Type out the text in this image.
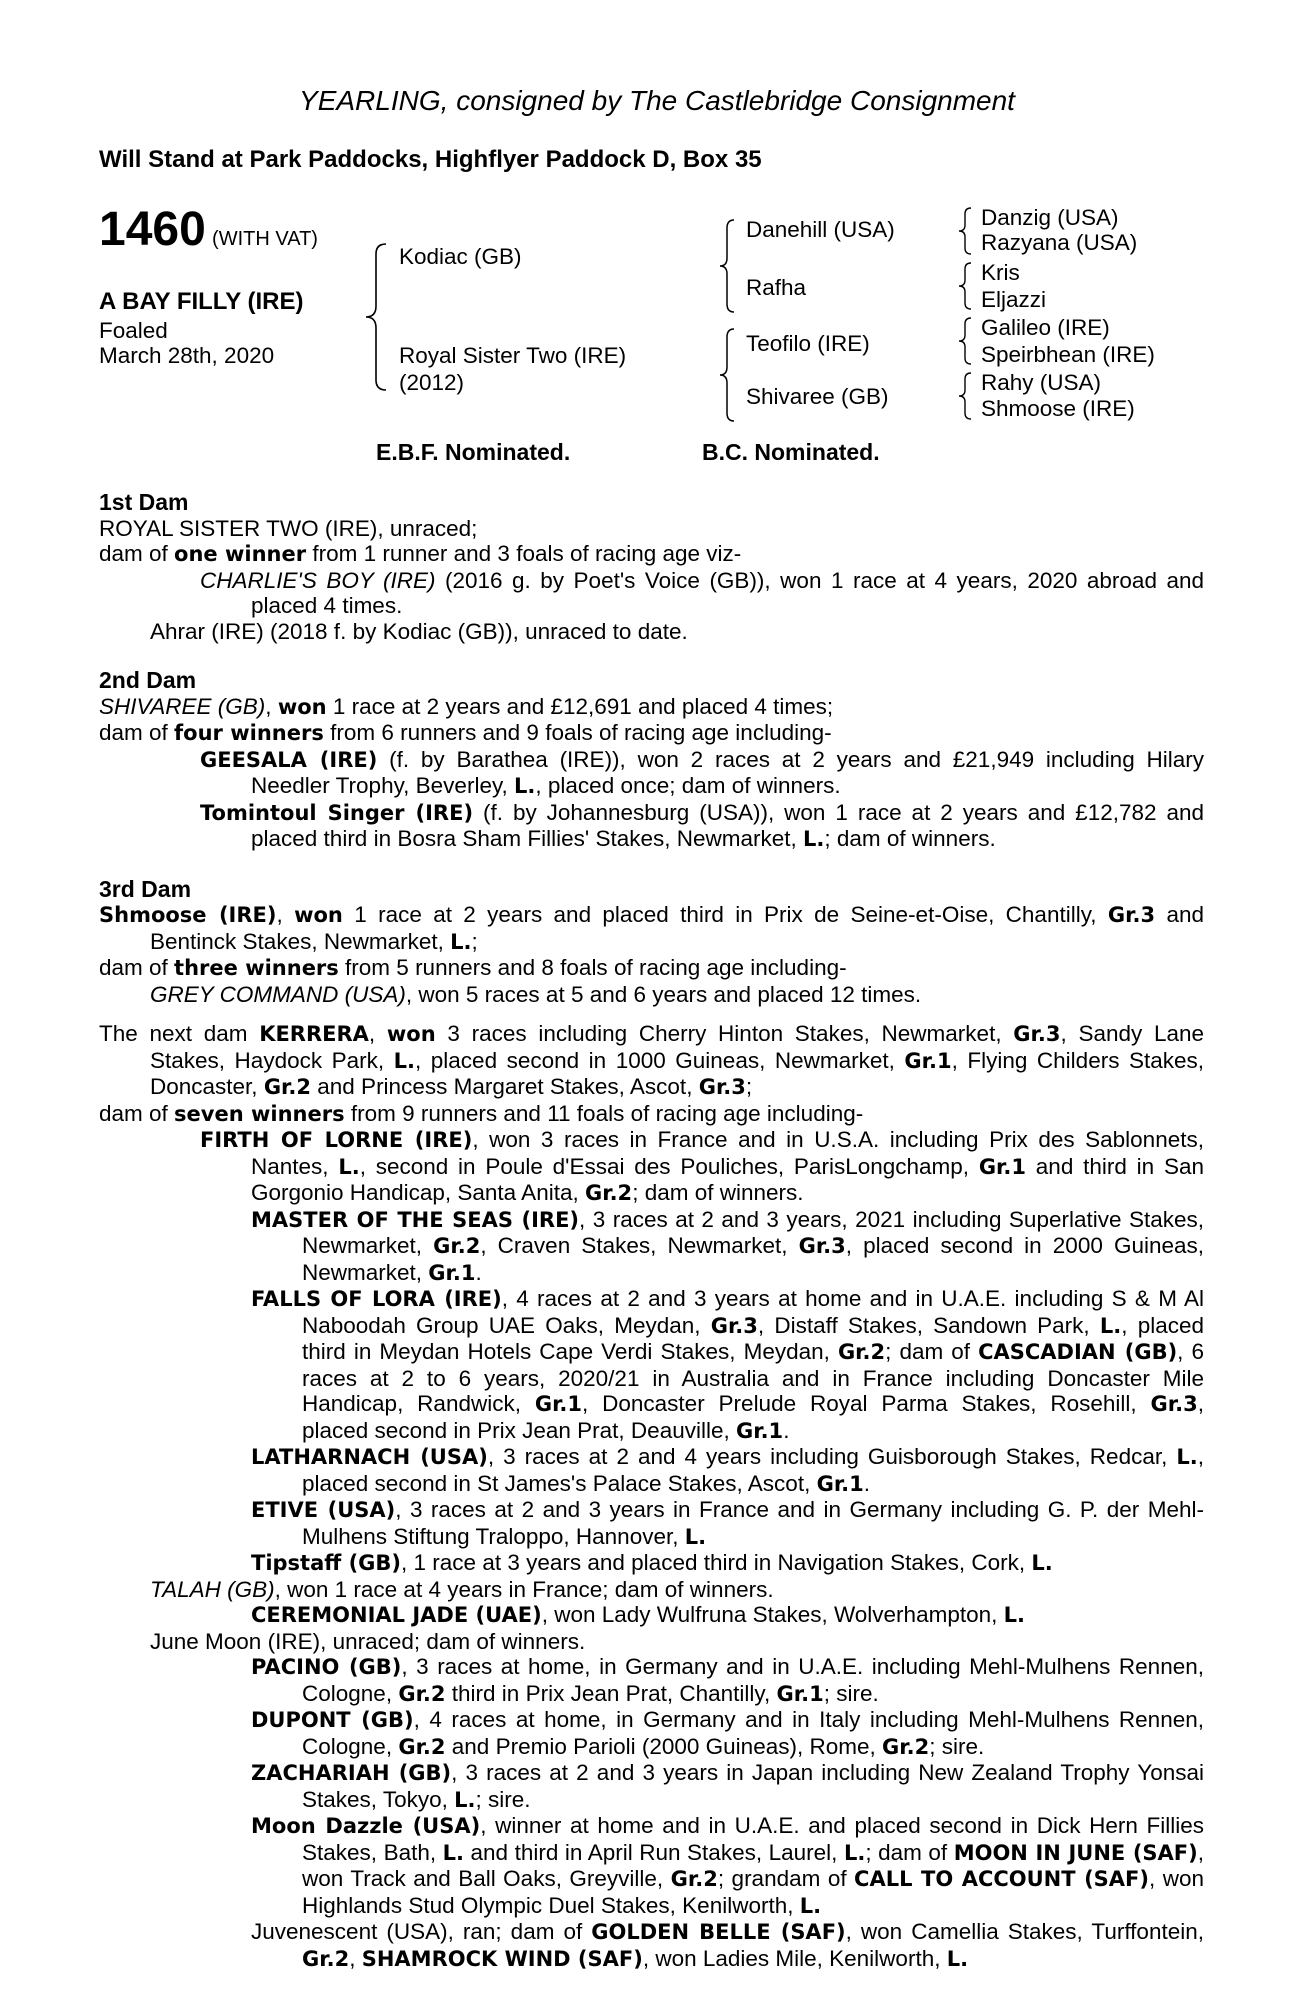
YEARLING, consigned by The Castlebridge Consignment
Will Stand at Park Paddocks, Highflyer Paddock D, Box 35
1460 (WITH VAT)
A BAY FILLY (IRE)
Foaled
March 28th, 2020
Kodiac (GB)
Royal Sister Two (IRE)
(2012)
Danehill (USA)
Rafha
Teofilo (IRE)
Shivaree (GB)
Danzig (USA)
Razyana (USA)
Kris
Eljazzi
Galileo (IRE)
Speirbhean (IRE)
Rahy (USA)
Shmoose (IRE)
E.B.F. Nominated.	B.C. Nominated.
1st Dam
ROYAL SISTER TWO (IRE), unraced;
dam of one winner from 1 runner and 3 foals of racing age viz-
CHARLIE'S BOY (IRE) (2016 g. by Poet's Voice (GB)), won 1 race at 4 years, 2020 abroad and placed 4 times.
Ahrar (IRE) (2018 f. by Kodiac (GB)), unraced to date.
2nd Dam
SHIVAREE (GB), won 1 race at 2 years and £12,691 and placed 4 times;
dam of four winners from 6 runners and 9 foals of racing age including-
GEESALA (IRE) (f. by Barathea (IRE)), won 2 races at 2 years and £21,949 including Hilary Needler Trophy, Beverley, L., placed once; dam of winners.
Tomintoul Singer (IRE) (f. by Johannesburg (USA)), won 1 race at 2 years and £12,782 and placed third in Bosra Sham Fillies' Stakes, Newmarket, L.; dam of winners.
3rd Dam
Shmoose (IRE), won 1 race at 2 years and placed third in Prix de Seine-et-Oise, Chantilly, Gr.3 and Bentinck Stakes, Newmarket, L.;
dam of three winners from 5 runners and 8 foals of racing age including-
GREY COMMAND (USA), won 5 races at 5 and 6 years and placed 12 times.
The next dam KERRERA, won 3 races including Cherry Hinton Stakes, Newmarket, Gr.3, Sandy Lane Stakes, Haydock Park, L., placed second in 1000 Guineas, Newmarket, Gr.1, Flying Childers Stakes, Doncaster, Gr.2 and Princess Margaret Stakes, Ascot, Gr.3;
dam of seven winners from 9 runners and 11 foals of racing age including-
FIRTH OF LORNE (IRE), won 3 races in France and in U.S.A. including Prix des Sablonnets, Nantes, L., second in Poule d'Essai des Pouliches, ParisLongchamp, Gr.1 and third in San Gorgonio Handicap, Santa Anita, Gr.2; dam of winners.
MASTER OF THE SEAS (IRE), 3 races at 2 and 3 years, 2021 including Superlative Stakes, Newmarket, Gr.2, Craven Stakes, Newmarket, Gr.3, placed second in 2000 Guineas, Newmarket, Gr.1.
FALLS OF LORA (IRE), 4 races at 2 and 3 years at home and in U.A.E. including S & M Al Naboodah Group UAE Oaks, Meydan, Gr.3, Distaff Stakes, Sandown Park, L., placed third in Meydan Hotels Cape Verdi Stakes, Meydan, Gr.2; dam of CASCADIAN (GB), 6 races at 2 to 6 years, 2020/21 in Australia and in France including Doncaster Mile Handicap, Randwick, Gr.1, Doncaster Prelude Royal Parma Stakes, Rosehill, Gr.3, placed second in Prix Jean Prat, Deauville, Gr.1.
LATHARNACH (USA), 3 races at 2 and 4 years including Guisborough Stakes, Redcar, L., placed second in St James's Palace Stakes, Ascot, Gr.1.
ETIVE (USA), 3 races at 2 and 3 years in France and in Germany including G. P. der Mehl-Mulhens Stiftung Traloppo, Hannover, L.
Tipstaff (GB), 1 race at 3 years and placed third in Navigation Stakes, Cork, L.
TALAH (GB), won 1 race at 4 years in France; dam of winners.
CEREMONIAL JADE (UAE), won Lady Wulfruna Stakes, Wolverhampton, L.
June Moon (IRE), unraced; dam of winners.
PACINO (GB), 3 races at home, in Germany and in U.A.E. including Mehl-Mulhens Rennen, Cologne, Gr.2 third in Prix Jean Prat, Chantilly, Gr.1; sire.
DUPONT (GB), 4 races at home, in Germany and in Italy including Mehl-Mulhens Rennen, Cologne, Gr.2 and Premio Parioli (2000 Guineas), Rome, Gr.2; sire.
ZACHARIAH (GB), 3 races at 2 and 3 years in Japan including New Zealand Trophy Yonsai Stakes, Tokyo, L.; sire.
Moon Dazzle (USA), winner at home and in U.A.E. and placed second in Dick Hern Fillies Stakes, Bath, L. and third in April Run Stakes, Laurel, L.; dam of MOON IN JUNE (SAF), won Track and Ball Oaks, Greyville, Gr.2; grandam of CALL TO ACCOUNT (SAF), won Highlands Stud Olympic Duel Stakes, Kenilworth, L.
Juvenescent (USA), ran; dam of GOLDEN BELLE (SAF), won Camellia Stakes, Turffontein, Gr.2, SHAMROCK WIND (SAF), won Ladies Mile, Kenilworth, L.
